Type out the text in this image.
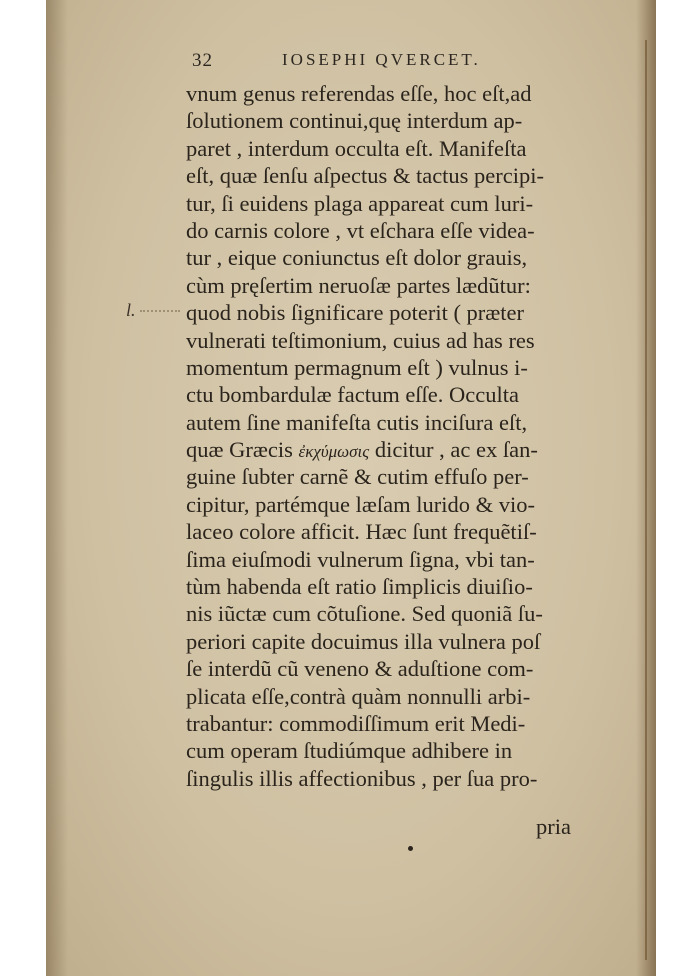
32	IOSEPHI QVERCET.
l.
vnum genus referendas eſſe, hoc eſt,ad
ſolutionem continui,quę interdum ap-
paret , interdum occulta eſt. Manifeſta
eſt, quæ ſenſu aſpectus & tactus percipi-
tur, ſi euidens plaga appareat cum luri-
do carnis colore , vt eſchara eſſe videa-
tur , eique coniunctus eſt dolor grauis,
cùm pręſertim neruoſæ partes lædũtur:
quod nobis ſignificare poterit ( præter
vulnerati teſtimonium, cuius ad has res
momentum permagnum eſt ) vulnus i-
ctu bombardulæ factum eſſe. Occulta
autem ſine manifeſta cutis inciſura eſt,
quæ Græcis ἐκχύμωσις dicitur , ac ex ſan-
guine ſubter carnẽ & cutim effuſo per-
cipitur, partémque læſam lurido & vio-
laceo colore afficit. Hæc ſunt frequẽtiſ-
ſima eiuſmodi vulnerum ſigna, vbi tan-
tùm habenda eſt ratio ſimplicis diuiſio-
nis iũctæ cum cõtuſione. Sed quoniã ſu-
periori capite docuimus illa vulnera poſ
ſe interdũ cũ veneno & aduſtione com-
plicata eſſe,contrà quàm nonnulli arbi-
trabantur: commodiſſimum erit Medi-
cum operam ſtudiúmque adhibere in
ſingulis illis affectionibus , per ſua pro-
pria
